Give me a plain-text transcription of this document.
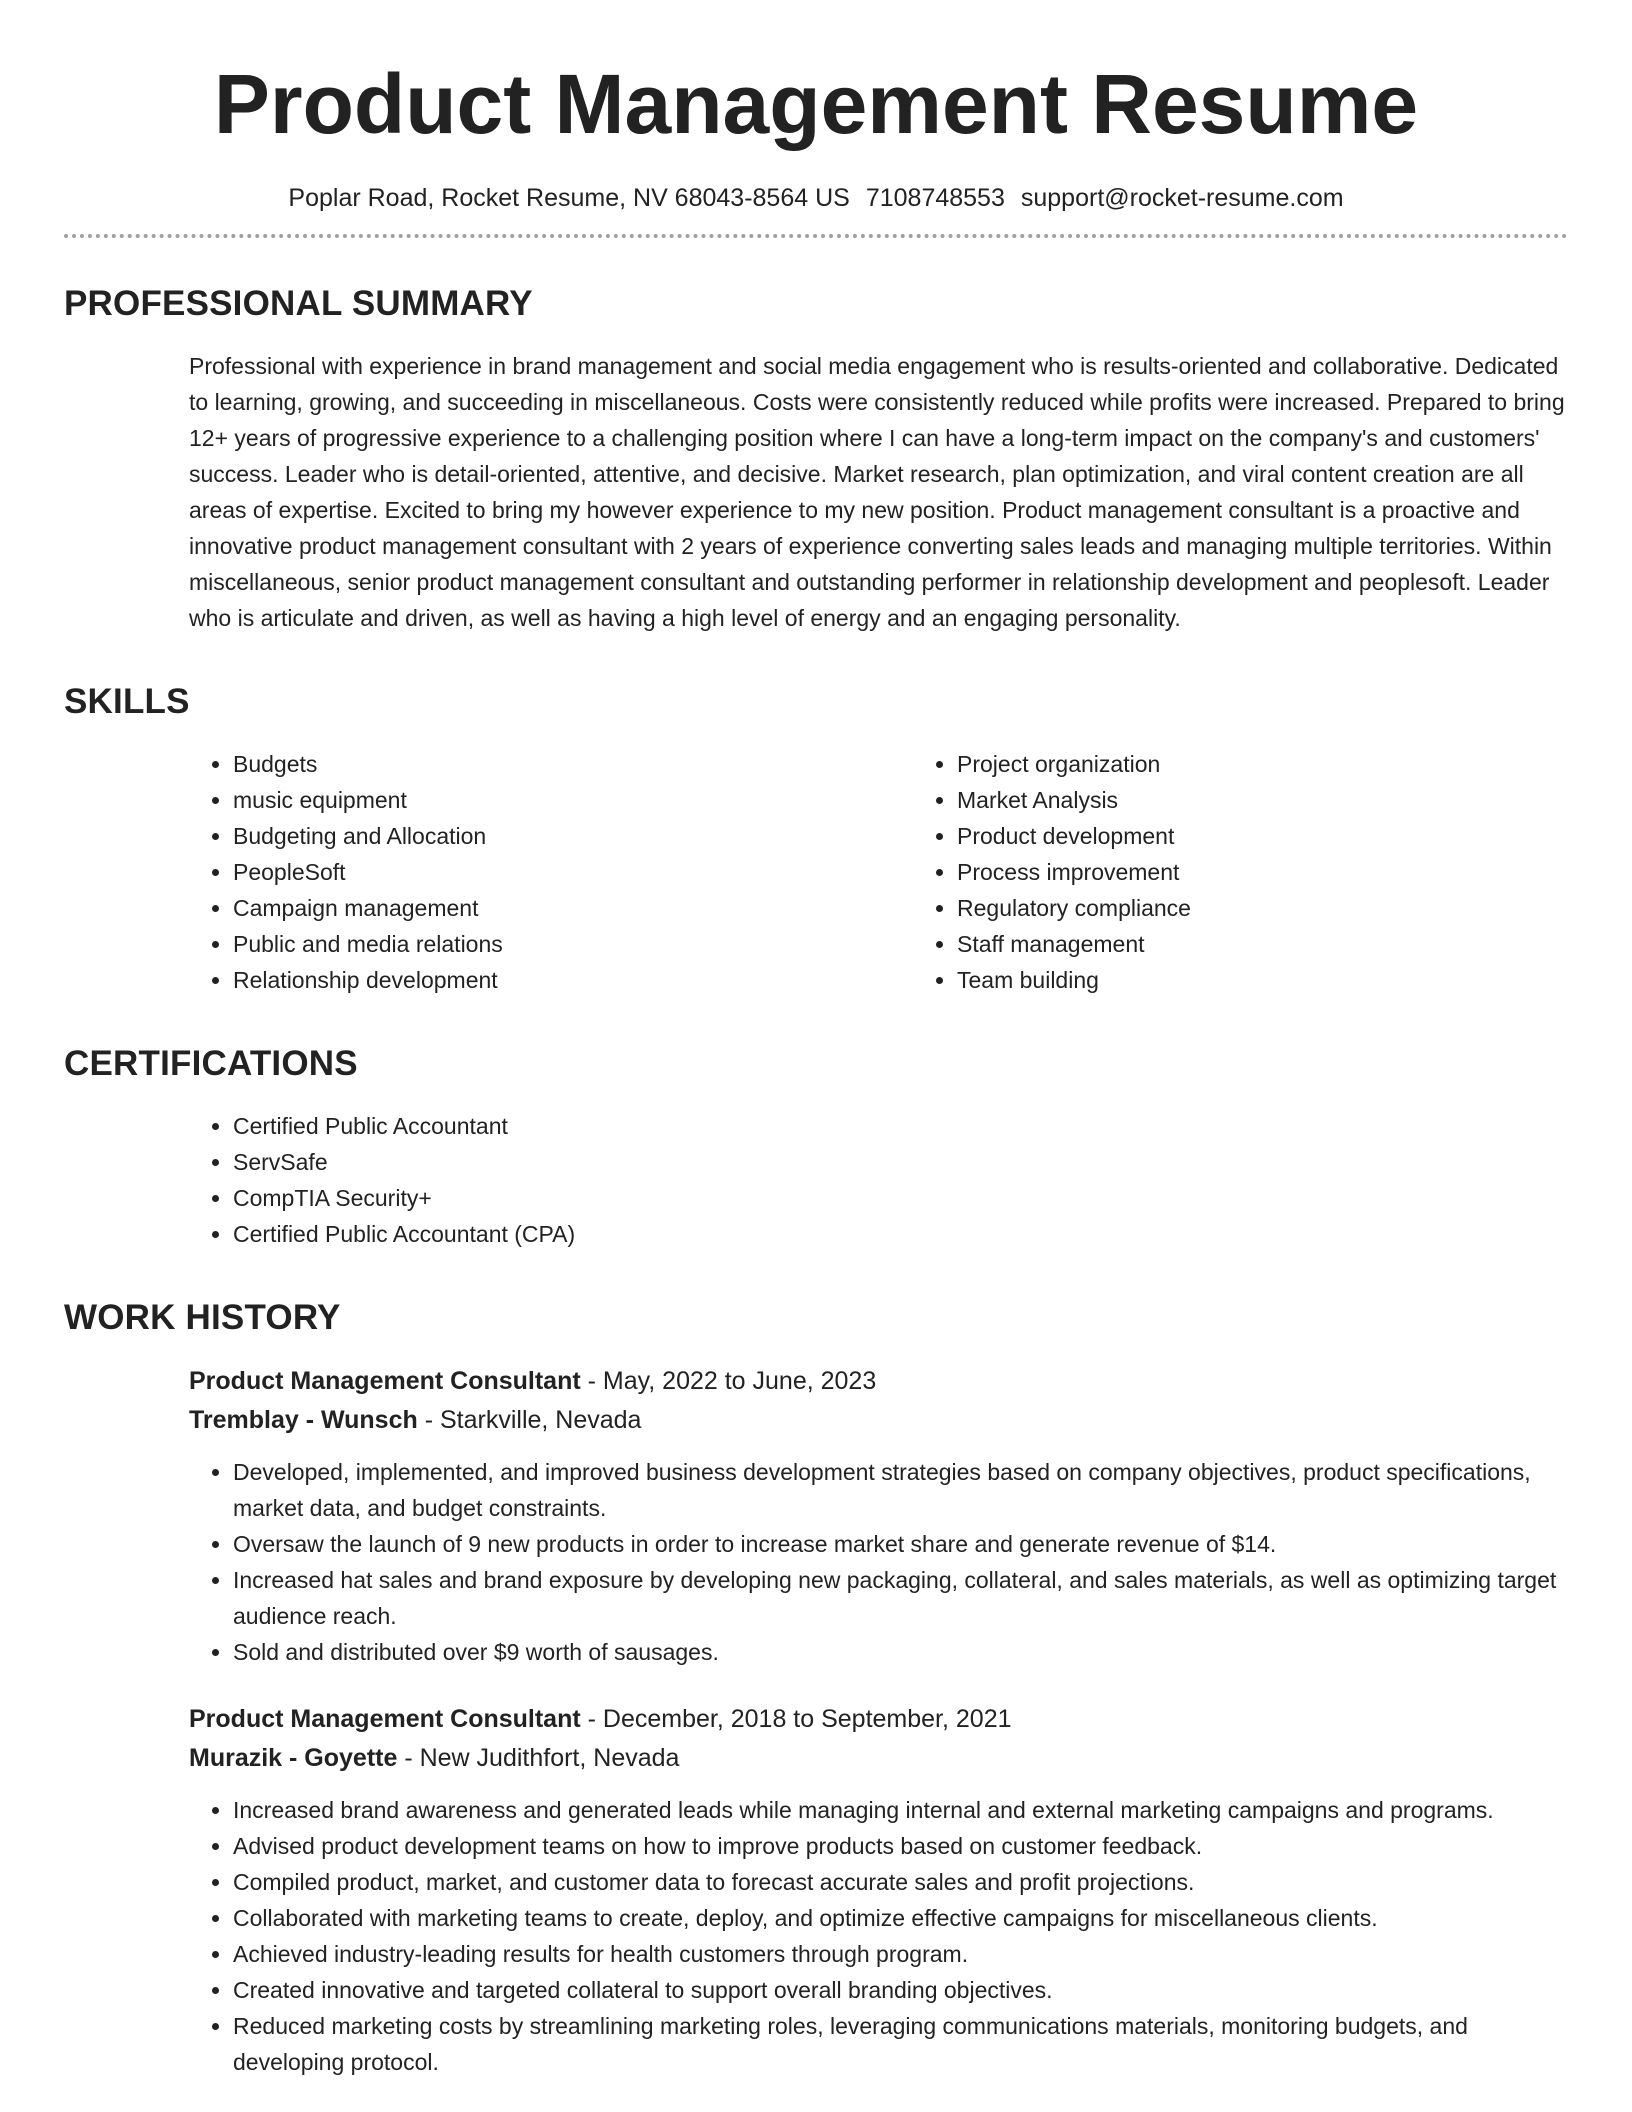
Product Management Resume
Poplar Road, Rocket Resume, NV 68043-8564 US 7108748553 support@rocket-resume.com
PROFESSIONAL SUMMARY
Professional with experience in brand management and social media engagement who is results-oriented and collaborative. Dedicated to learning, growing, and succeeding in miscellaneous. Costs were consistently reduced while profits were increased. Prepared to bring 12+ years of progressive experience to a challenging position where I can have a long-term impact on the company's and customers' success. Leader who is detail-oriented, attentive, and decisive. Market research, plan optimization, and viral content creation are all areas of expertise. Excited to bring my however experience to my new position. Product management consultant is a proactive and innovative product management consultant with 2 years of experience converting sales leads and managing multiple territories. Within miscellaneous, senior product management consultant and outstanding performer in relationship development and peoplesoft. Leader who is articulate and driven, as well as having a high level of energy and an engaging personality.
SKILLS
• Budgets
• music equipment
• Budgeting and Allocation
• PeopleSoft
• Campaign management
• Public and media relations
• Relationship development
• Project organization
• Market Analysis
• Product development
• Process improvement
• Regulatory compliance
• Staff management
• Team building
CERTIFICATIONS
• Certified Public Accountant
• ServSafe
• CompTIA Security+
• Certified Public Accountant (CPA)
WORK HISTORY
Product Management Consultant - May, 2022 to June, 2023
Tremblay - Wunsch - Starkville, Nevada
• Developed, implemented, and improved business development strategies based on company objectives, product specifications, market data, and budget constraints.
• Oversaw the launch of 9 new products in order to increase market share and generate revenue of $14.
• Increased hat sales and brand exposure by developing new packaging, collateral, and sales materials, as well as optimizing target audience reach.
• Sold and distributed over $9 worth of sausages.
Product Management Consultant - December, 2018 to September, 2021
Murazik - Goyette - New Judithfort, Nevada
• Increased brand awareness and generated leads while managing internal and external marketing campaigns and programs.
• Advised product development teams on how to improve products based on customer feedback.
• Compiled product, market, and customer data to forecast accurate sales and profit projections.
• Collaborated with marketing teams to create, deploy, and optimize effective campaigns for miscellaneous clients.
• Achieved industry-leading results for health customers through program.
• Created innovative and targeted collateral to support overall branding objectives.
• Reduced marketing costs by streamlining marketing roles, leveraging communications materials, monitoring budgets, and developing protocol.
